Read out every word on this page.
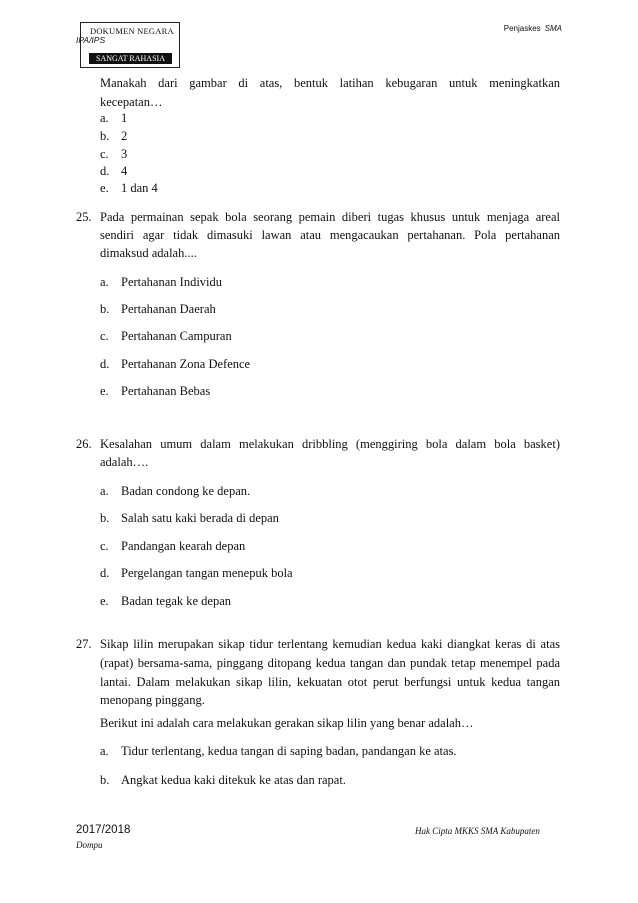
DOKUMEN NEGARA
IPA/IPS
SANGAT RAHASIA
Penjaskes SMA
Manakah dari gambar di atas, bentuk latihan kebugaran untuk meningkatkan
kecepatan…
a. 1
b. 2
c. 3
d. 4
e. 1 dan 4
25. Pada permainan sepak bola seorang pemain diberi tugas khusus untuk menjaga areal
sendiri agar tidak dimasuki lawan atau mengacaukan pertahanan. Pola pertahanan
dimaksud adalah....
a. Pertahanan Individu
b. Pertahanan Daerah
c. Pertahanan Campuran
d. Pertahanan Zona Defence
e. Pertahanan Bebas
26. Kesalahan umum dalam melakukan dribbling (menggiring bola dalam bola basket)
adalah….
a. Badan condong ke depan.
b. Salah satu kaki berada di depan
c. Pandangan kearah depan
d. Pergelangan tangan menepuk bola
e. Badan tegak ke depan
27. Sikap lilin merupakan sikap tidur terlentang kemudian kedua kaki diangkat keras di atas
(rapat) bersama-sama, pinggang ditopang kedua tangan dan pundak tetap menempel pada
lantai. Dalam melakukan sikap lilin, kekuatan otot perut berfungsi untuk kedua tangan
menopang pinggang.
Berikut ini adalah cara melakukan gerakan sikap lilin yang benar adalah…
a. Tidur terlentang, kedua tangan di saping badan, pandangan ke atas.
b. Angkat kedua kaki ditekuk ke atas dan rapat.
2017/2018
Dompu
Hak Cipta MKKS SMA Kabupaten
